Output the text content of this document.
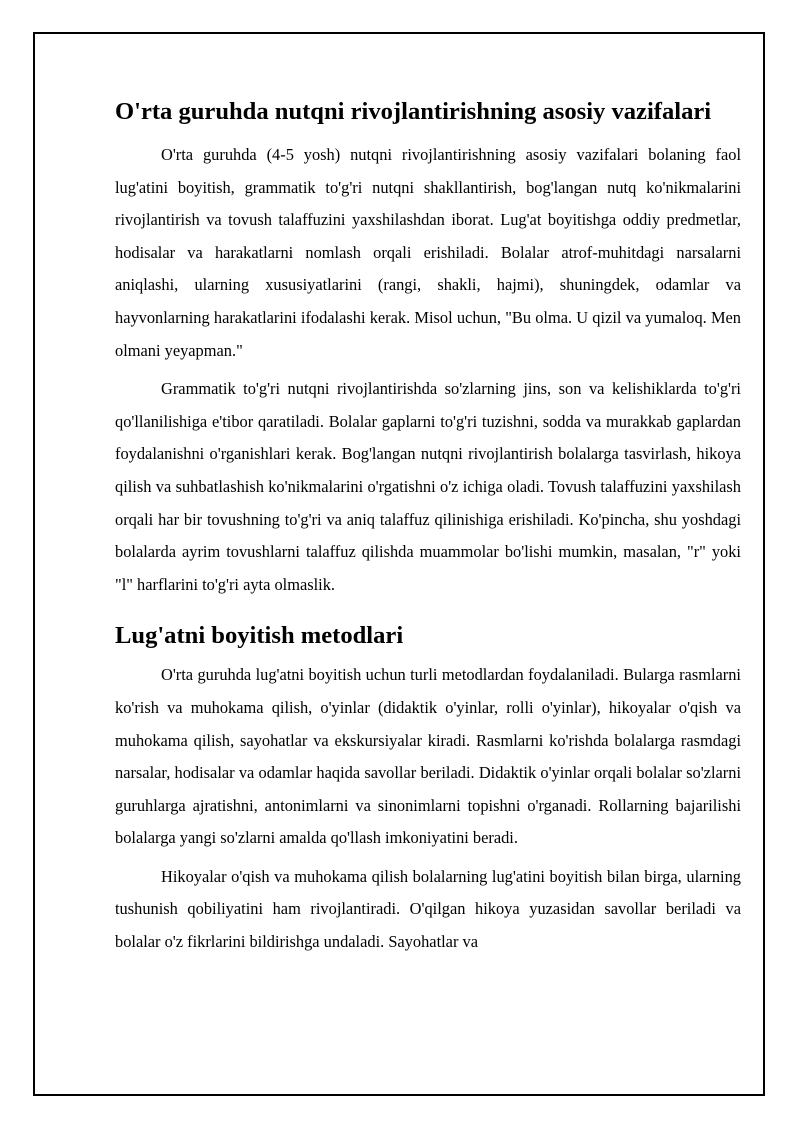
O'rta guruhda nutqni rivojlantirishning asosiy vazifalari

O'rta guruhda (4-5 yosh) nutqni rivojlantirishning asosiy vazifalari bolaning faol lug'atini boyitish, grammatik to'g'ri nutqni shakllantirish, bog'langan nutq ko'nikmalarini rivojlantirish va tovush talaffuzini yaxshilashdan iborat. Lug'at boyitishga oddiy predmetlar, hodisalar va harakatlarni nomlash orqali erishiladi. Bolalar atrof-muhitdagi narsalarni aniqlashi, ularning xususiyatlarini (rangi, shakli, hajmi), shuningdek, odamlar va hayvonlarning harakatlarini ifodalashi kerak. Misol uchun, "Bu olma. U qizil va yumaloq. Men olmani yeyapman."

Grammatik to'g'ri nutqni rivojlantirishda so'zlarning jins, son va kelishiklarda to'g'ri qo'llanilishiga e'tibor qaratiladi. Bolalar gaplarni to'g'ri tuzishni, sodda va murakkab gaplardan foydalanishni o'rganishlari kerak. Bog'langan nutqni rivojlantirish bolalarga tasvirlash, hikoya qilish va suhbatlashish ko'nikmalarini o'rgatishni o'z ichiga oladi. Tovush talaffuzini yaxshilash orqali har bir tovushning to'g'ri va aniq talaffuz qilinishiga erishiladi. Ko'pincha, shu yoshdagi bolalarda ayrim tovushlarni talaffuz qilishda muammolar bo'lishi mumkin, masalan, "r" yoki "l" harflarini to'g'ri ayta olmaslik.

Lug'atni boyitish metodlari

O'rta guruhda lug'atni boyitish uchun turli metodlardan foydalaniladi. Bularga rasmlarni ko'rish va muhokama qilish, o'yinlar (didaktik o'yinlar, rolli o'yinlar), hikoyalar o'qish va muhokama qilish, sayohatlar va ekskursiyalar kiradi. Rasmlarni ko'rishda bolalarga rasmdagi narsalar, hodisalar va odamlar haqida savollar beriladi. Didaktik o'yinlar orqali bolalar so'zlarni guruhlarga ajratishni, antonimlarni va sinonimlarni topishni o'rganadi. Rollarning bajarilishi bolalarga yangi so'zlarni amalda qo'llash imkoniyatini beradi.

Hikoyalar o'qish va muhokama qilish bolalarning lug'atini boyitish bilan birga, ularning tushunish qobiliyatini ham rivojlantiradi. O'qilgan hikoya yuzasidan savollar beriladi va bolalar o'z fikrlarini bildirishga undaladi. Sayohatlar va
